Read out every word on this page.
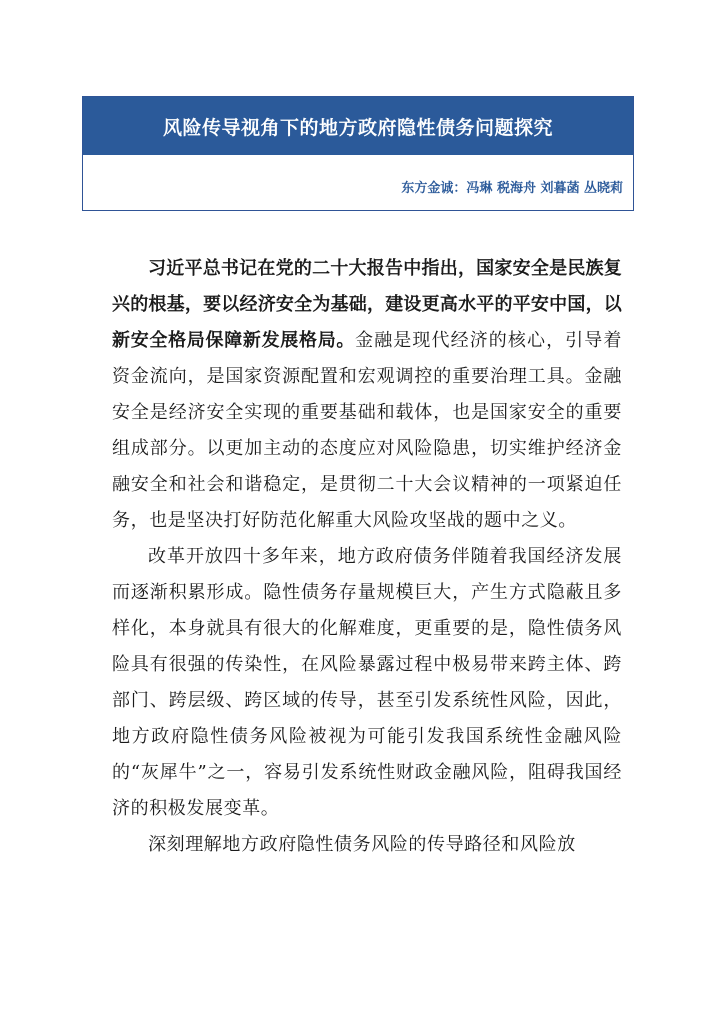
风险传导视角下的地方政府隐性债务问题探究
东方金诚：冯琳 税海舟 刘暮菡 丛晓莉

习近平总书记在党的二十大报告中指出，国家安全是民族复兴的根基，要以经济安全为基础，建设更高水平的平安中国，以新安全格局保障新发展格局。金融是现代经济的核心，引导着资金流向，是国家资源配置和宏观调控的重要治理工具。金融安全是经济安全实现的重要基础和载体，也是国家安全的重要组成部分。以更加主动的态度应对风险隐患，切实维护经济金融安全和社会和谐稳定，是贯彻二十大会议精神的一项紧迫任务，也是坚决打好防范化解重大风险攻坚战的题中之义。

改革开放四十多年来，地方政府债务伴随着我国经济发展而逐渐积累形成。隐性债务存量规模巨大，产生方式隐蔽且多样化，本身就具有很大的化解难度，更重要的是，隐性债务风险具有很强的传染性，在风险暴露过程中极易带来跨主体、跨部门、跨层级、跨区域的传导，甚至引发系统性风险，因此，地方政府隐性债务风险被视为可能引发我国系统性金融风险的“灰犀牛”之一，容易引发系统性财政金融风险，阻碍我国经济的积极发展变革。

深刻理解地方政府隐性债务风险的传导路径和风险放
